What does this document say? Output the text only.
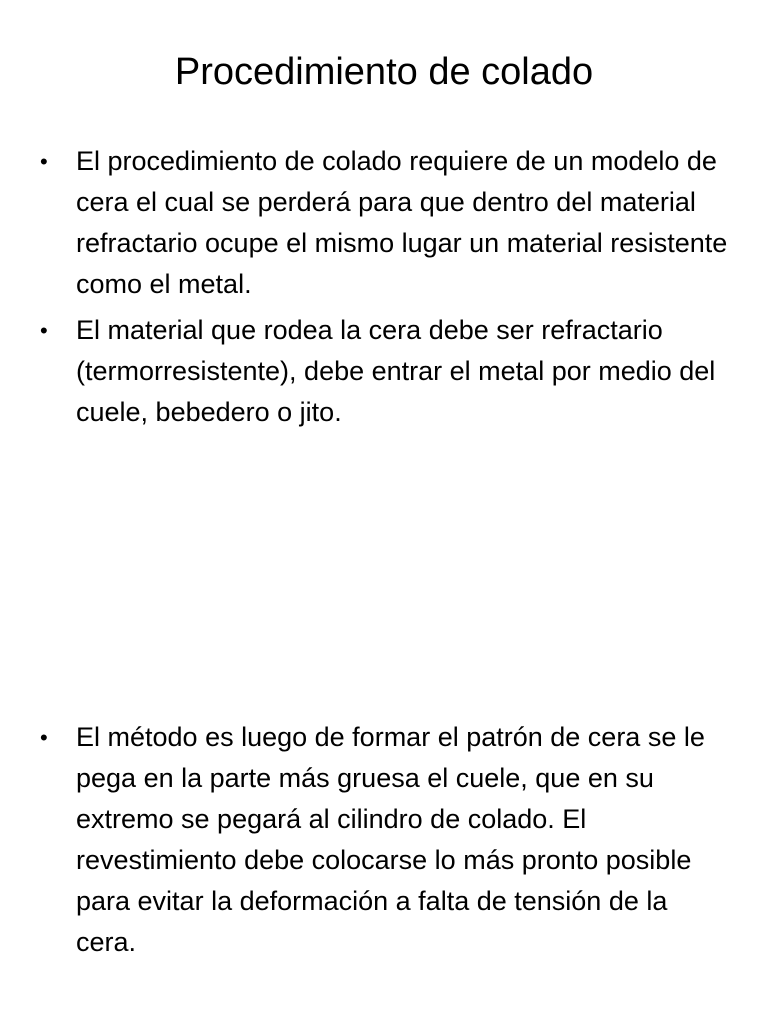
Procedimiento de colado
•	El procedimiento de colado requiere de un modelo de cera el cual se perderá para que dentro del material refractario ocupe el mismo lugar un material resistente como el metal.
•	El material que rodea la cera debe ser refractario (termorresistente), debe entrar el metal por medio del cuele, bebedero o jito.
•	El método es luego de formar el patrón de cera se le pega en la parte más gruesa el cuele, que en su extremo se pegará al cilindro de colado. El revestimiento debe colocarse lo más pronto posible para evitar la deformación a falta de tensión de la cera.
